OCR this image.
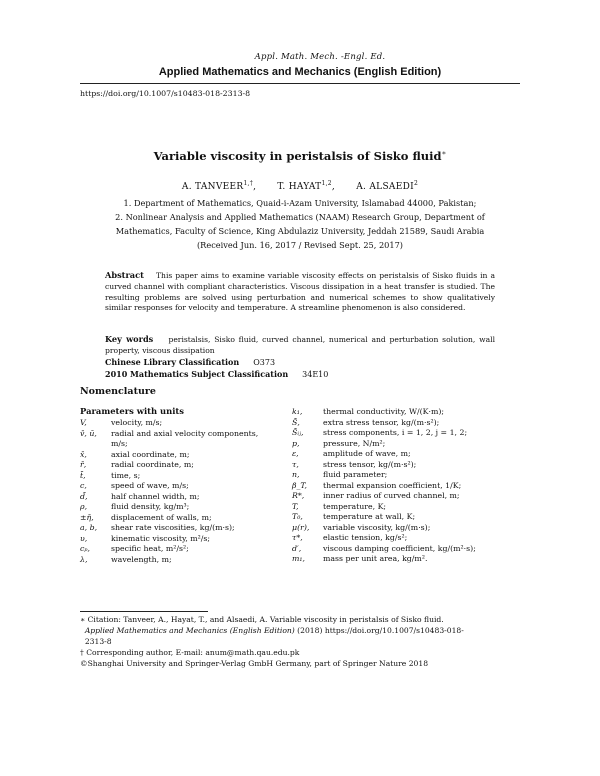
Appl. Math. Mech. -Engl. Ed.
Applied Mathematics and Mechanics (English Edition)
https://doi.org/10.1007/s10483-018-2313-8
Variable viscosity in peristalsis of Sisko fluid∗
A. $TANVEER^{1,\dagger}$, T. HAYAT$^{1,2}$, A. ALSAEDI$^2$
1. Department of Mathematics, Quaid-i-Azam University, Islamabad 44000, Pakistan;
2. Nonlinear Analysis and Applied Mathematics (NAAM) Research Group, Department of
Mathematics, Faculty of Science, King Abdulaziz University, Jeddah 21589, Saudi Arabia
(Received Jun. 16, 2017 / Revised Sept. 25, 2017)
Abstract This paper aims to examine variable viscosity effects on peristalsis of Sisko fluids in a curved channel with compliant characteristics. Viscous dissipation in a heat transfer is studied. The resulting problems are solved using perturbation and numerical schemes to show qualitatively similar responses for velocity and temperature. A streamline phenomenon is also considered.
Key words peristalsis, Sisko fluid, curved channel, numerical and perturbation solution, wall property, viscous dissipation
Chinese Library Classification O373
2010 Mathematics Subject Classification 34E10
Nomenclature
Parameters with units
V,	velocity, m/s;
v̄, ū,	radial and axial velocity components,
m/s;
x̄,	axial coordinate, m;
r̄,	radial coordinate, m;
t̄,	time, s;
c,	speed of wave, m/s;
d̄,	half channel width, m;
ρ,	fluid density, kg/m³;
±η̄,	displacement of walls, m;
a, b,	shear rate viscosities, kg/(m·s);
υ,	kinematic viscosity, m²/s;
cₚ,	specific heat, m²/s²;
λ,	wavelength, m;
k₁,	thermal conductivity, W/(K·m);
S̄,	extra stress tensor, kg/(m·s²);
S̄ᵢⱼ,	stress components, i = 1, 2, j = 1, 2;
p,	pressure, N/m²;
ε,	amplitude of wave, m;
τ,	stress tensor, kg/(m·s²);
n,	fluid parameter;
β_T,	thermal expansion coefficient, 1/K;
R*,	inner radius of curved channel, m;
T,	temperature, K;
T₀,	temperature at wall, K;
μ(r),	variable viscosity, kg/(m·s);
τ*,	elastic tension, kg/s²;
d′,	viscous damping coefficient, kg/(m²·s);
m₁,	mass per unit area, kg/m².

∗ Citation: Tanveer, A., Hayat, T., and Alsaedi, A. Variable viscosity in peristalsis of Sisko fluid.
Applied Mathematics and Mechanics (English Edition) (2018) https://doi.org/10.1007/s10483-018-
2313-8

† Corresponding author, E-mail: anum@math.qau.edu.pk

©Shanghai University and Springer-Verlag GmbH Germany, part of Springer Nature 2018
